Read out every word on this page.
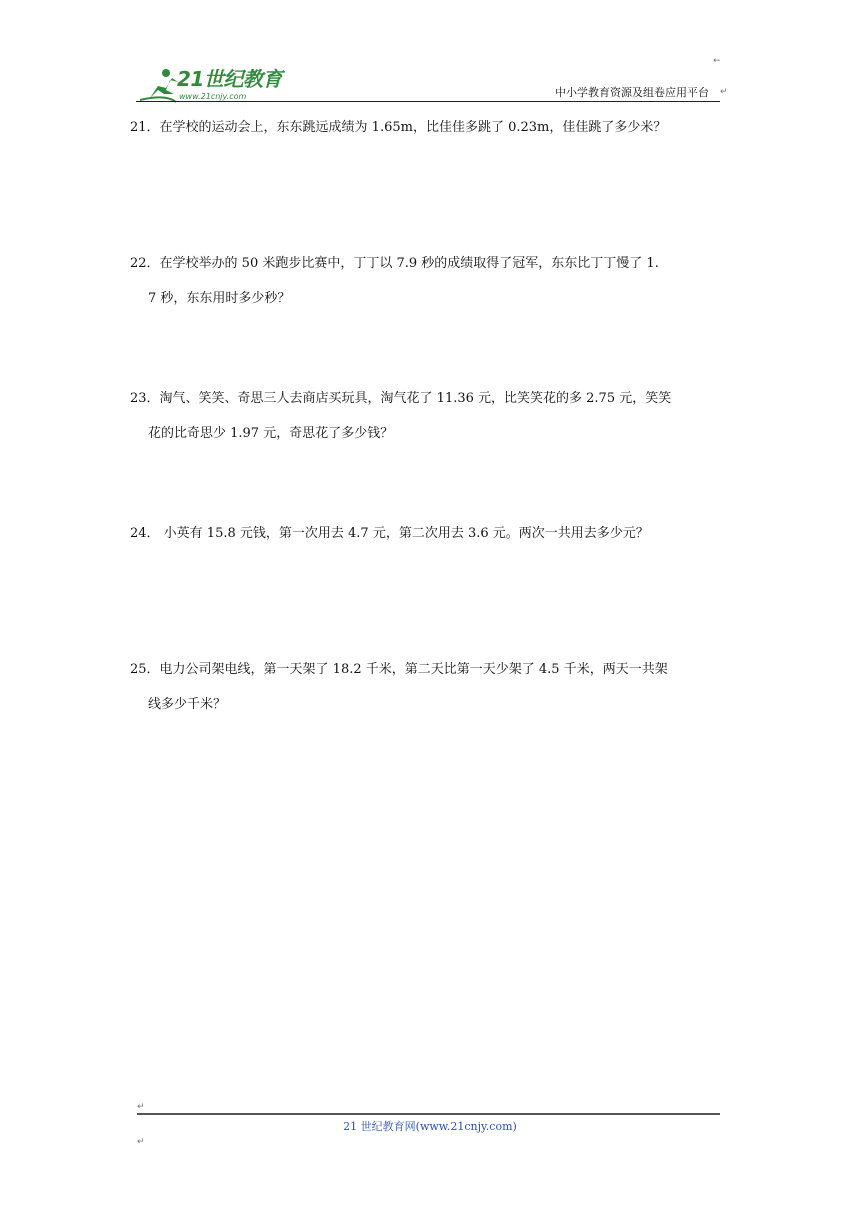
21世纪教育
www.21cnjy.com	中小学教育资源及组卷应用平台
←
↵

21．在学校的运动会上，东东跳远成绩为 1.65m，比佳佳多跳了 0.23m，佳佳跳了多少米？

22．在学校举办的 50 米跑步比赛中，丁丁以 7.9 秒的成绩取得了冠军，东东比丁丁慢了 1.

7 秒，东东用时多少秒？

23．淘气、笑笑、奇思三人去商店买玩具，淘气花了 11.36 元，比笑笑花的多 2.75 元，笑笑

花的比奇思少 1.97 元，奇思花了多少钱？

24． 小英有 15.8 元钱，第一次用去 4.7 元，第二次用去 3.6 元。两次一共用去多少元？

25．电力公司架电线，第一天架了 18.2 千米，第二天比第一天少架了 4.5 千米，两天一共架

线多少千米？

↵
21 世纪教育网(www.21cnjy.com)
↵
